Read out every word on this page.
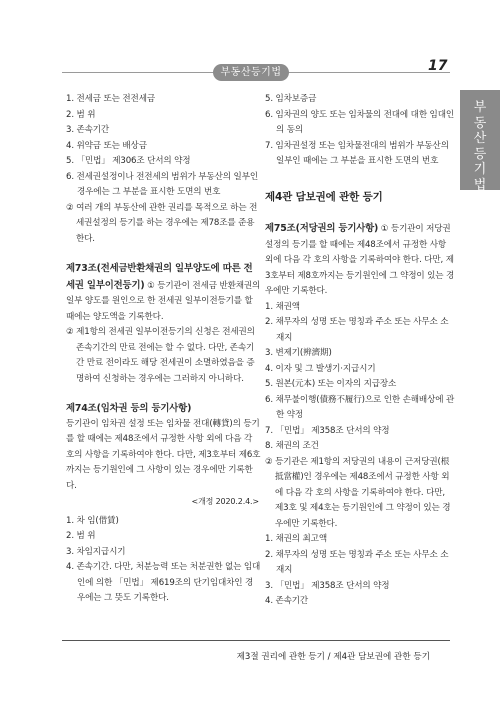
부동산등기법	17
부동산등기법

1. 전세금 또는 전전세금

2. 범 위

3. 존속기간

4. 위약금 또는 배상금

5. 「민법」 제306조 단서의 약정

6. 전세권설정이나 전전세의 범위가 부동산의 일부인 경우에는 그 부분을 표시한 도면의 번호

② 여러 개의 부동산에 관한 권리를 목적으로 하는 전세권설정의 등기를 하는 경우에는 제78조를 준용한다.

제73조(전세금반환채권의 일부양도에 따른 전세권 일부이전등기) ① 등기관이 전세금 반환채권의 일부 양도를 원인으로 한 전세권 일부이전등기를 할 때에는 양도액을 기록한다.

② 제1항의 전세권 일부이전등기의 신청은 전세권의 존속기간의 만료 전에는 할 수 없다. 다만, 존속기간 만료 전이라도 해당 전세권이 소멸하였음을 증명하여 신청하는 경우에는 그러하지 아니하다.

제74조(임차권 등의 등기사항)

등기관이 임차권 설정 또는 임차물 전대(轉貸)의 등기를 할 때에는 제48조에서 규정한 사항 외에 다음 각 호의 사항을 기록하여야 한다. 다만, 제3호부터 제6호까지는 등기원인에 그 사항이 있는 경우에만 기록한다.

<개정 2020.2.4.>

1. 차 임(借賃)

2. 범 위

3. 차임지급시기

4. 존속기간. 다만, 처분능력 또는 처분권한 없는 임대인에 의한 「민법」 제619조의 단기임대차인 경우에는 그 뜻도 기록한다.

5. 임차보증금

6. 임차권의 양도 또는 임차물의 전대에 대한 임대인의 동의

7. 임차권설정 또는 임차물전대의 범위가 부동산의 일부인 때에는 그 부분을 표시한 도면의 번호

제4관 담보권에 관한 등기

제75조(저당권의 등기사항) ① 등기관이 저당권설정의 등기를 할 때에는 제48조에서 규정한 사항 외에 다음 각 호의 사항을 기록하여야 한다. 다만, 제3호부터 제8호까지는 등기원인에 그 약정이 있는 경우에만 기록한다.

1. 채권액

2. 채무자의 성명 또는 명칭과 주소 또는 사무소 소재지

3. 변제기(辨濟期)

4. 이자 및 그 발생기·지급시기

5. 원본(元本) 또는 이자의 지급장소

6. 채무불이행(債務不履行)으로 인한 손해배상에 관한 약정

7. 「민법」 제358조 단서의 약정

8. 채권의 조건

② 등기관은 제1항의 저당권의 내용이 근저당권(根抵當權)인 경우에는 제48조에서 규정한 사항 외에 다음 각 호의 사항을 기록하여야 한다. 다만, 제3호 및 제4호는 등기원인에 그 약정이 있는 경우에만 기록한다.

1. 채권의 최고액

2. 채무자의 성명 또는 명칭과 주소 또는 사무소 소재지

3. 「민법」 제358조 단서의 약정

4. 존속기간

제3절 권리에 관한 등기 / 제4관 담보권에 관한 등기
